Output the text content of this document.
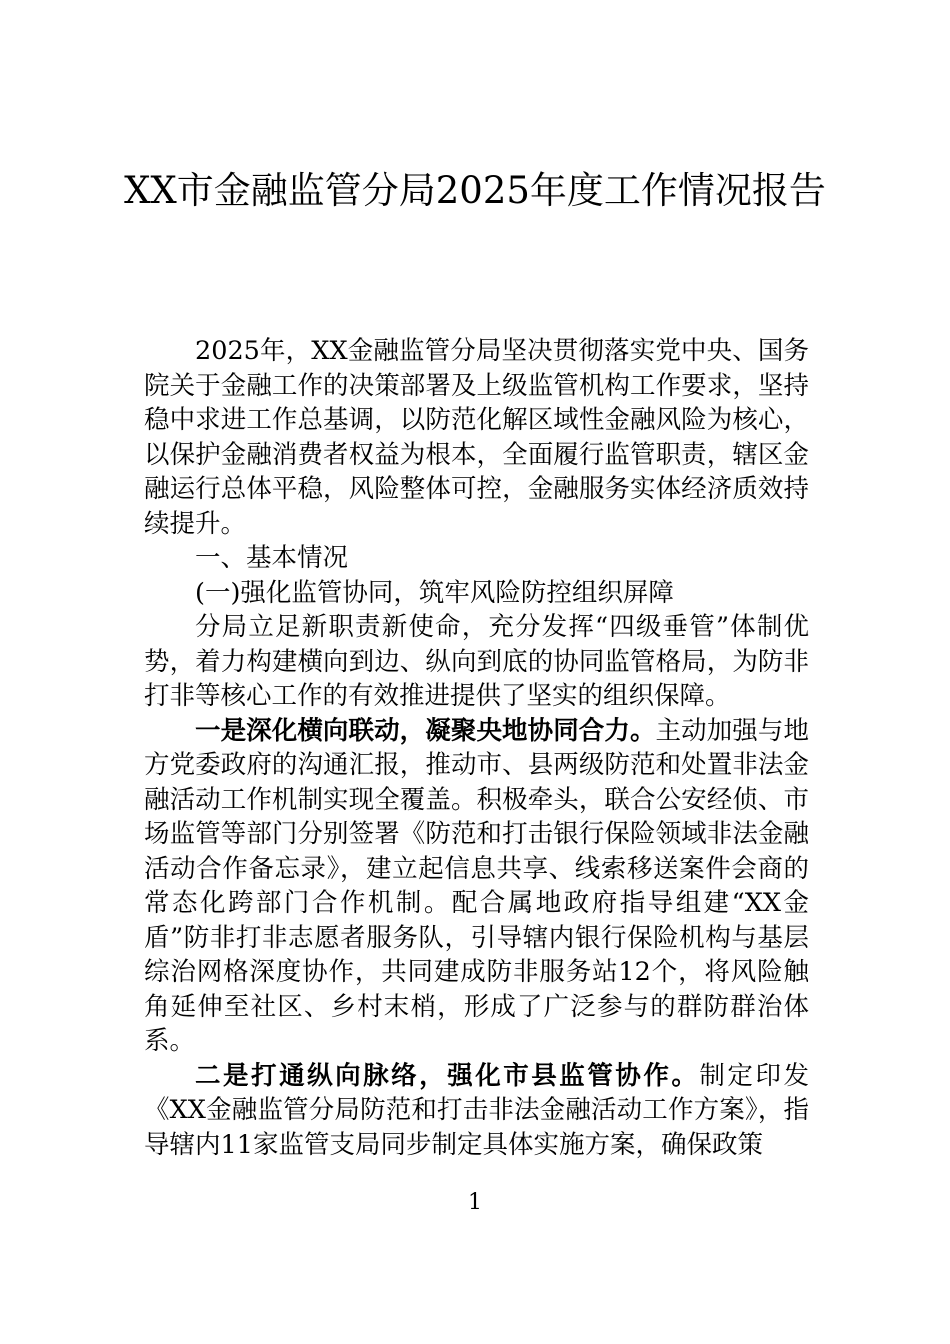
XX市金融监管分局2025年度工作情况报告

2025年，XX金融监管分局坚决贯彻落实党中央、国务院关于金融工作的决策部署及上级监管机构工作要求，坚持稳中求进工作总基调，以防范化解区域性金融风险为核心，以保护金融消费者权益为根本，全面履行监管职责，辖区金融运行总体平稳，风险整体可控，金融服务实体经济质效持续提升。

一、基本情况

(一)强化监管协同，筑牢风险防控组织屏障

分局立足新职责新使命，充分发挥“四级垂管”体制优势，着力构建横向到边、纵向到底的协同监管格局，为防非打非等核心工作的有效推进提供了坚实的组织保障。

一是深化横向联动，凝聚央地协同合力。主动加强与地方党委政府的沟通汇报，推动市、县两级防范和处置非法金融活动工作机制实现全覆盖。积极牵头，联合公安经侦、市场监管等部门分别签署《防范和打击银行保险领域非法金融活动合作备忘录》，建立起信息共享、线索移送案件会商的常态化跨部门合作机制。配合属地政府指导组建“XX金盾”防非打非志愿者服务队，引导辖内银行保险机构与基层综治网格深度协作，共同建成防非服务站12个，将风险触角延伸至社区、乡村末梢，形成了广泛参与的群防群治体系。

二是打通纵向脉络，强化市县监管协作。制定印发《XX金融监管分局防范和打击非法金融活动工作方案》，指导辖内11家监管支局同步制定具体实施方案，确保政策

1
